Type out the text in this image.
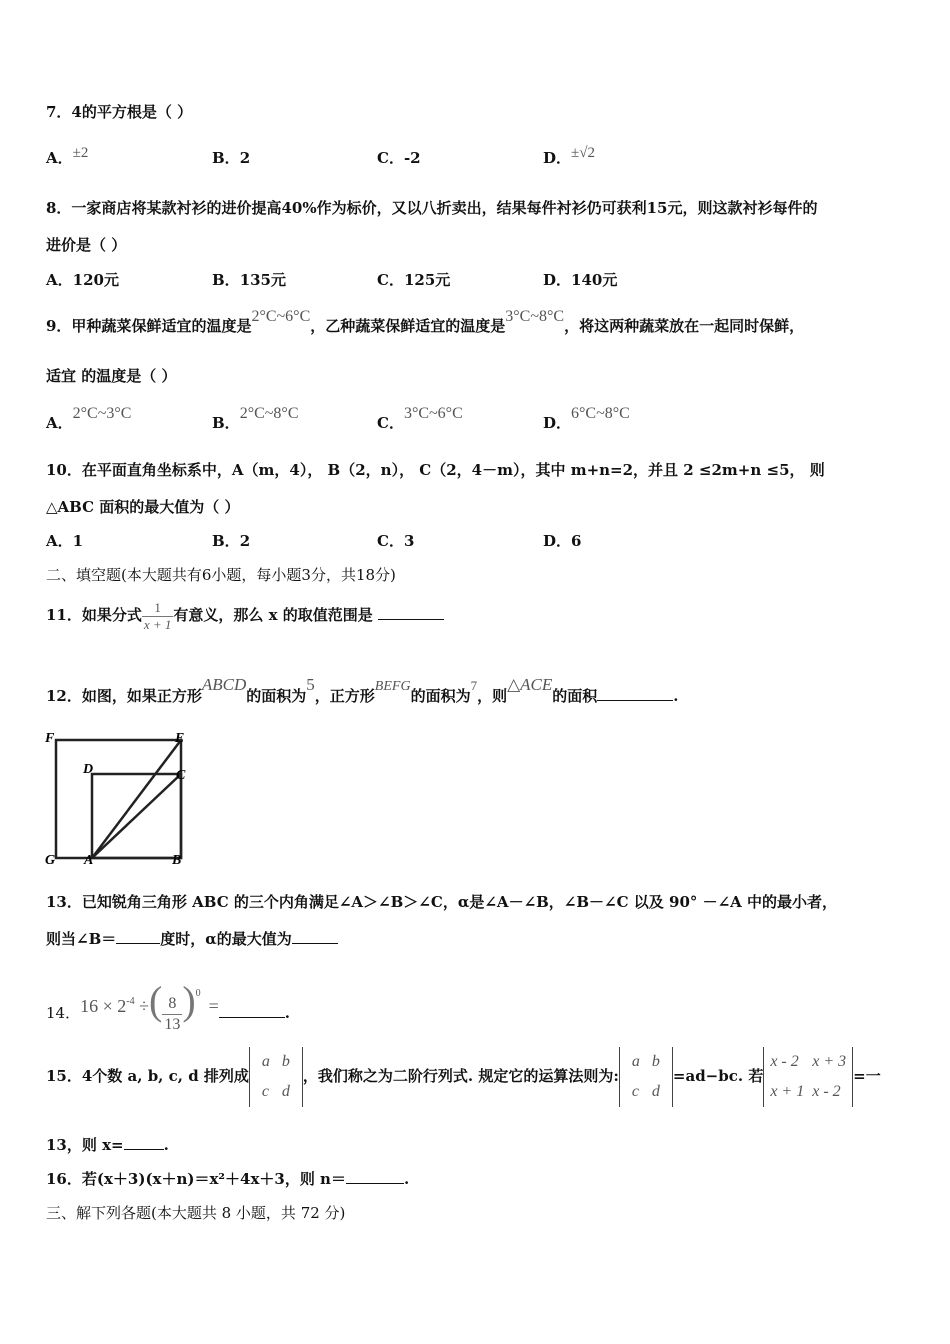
7．4的平方根是（ ）
A．±2	B．2	C．-2	D．±√2
8．一家商店将某款衬衫的进价提高40%作为标价，又以八折卖出，结果每件衬衫仍可获利15元，则这款衬衫每件的
进价是（ ）
A．120元	B．135元	C．125元	D．140元
9．甲种蔬菜保鲜适宜的温度是2°C~6°C，乙种蔬菜保鲜适宜的温度是3°C~8°C，将这两种蔬菜放在一起同时保鲜，
适宜 的温度是（ ）
A．2°C~3°C
B．2°C~8°C
C．3°C~6°C
D．6°C~8°C
10．在平面直角坐标系中，A（m，4）， B（2，n）， C（2，4－m），其中 m+n=2，并且 2 ≤2m+n ≤5， 则
△ABC 面积的最大值为（ ）
A．1	B．2	C．3	D．6
二、填空题(本大题共有6小题，每小题3分，共18分)
11．如果分式 $\frac{1}{x + 1}$ 有意义，那么 x 的取值范围是
12．如图，如果正方形ABCD的面积为5，正方形BEFG的面积为7，则△ACE的面积	.
F	E
D	C
G A	B
13．已知锐角三角形 ABC 的三个内角满足∠A＞∠B＞∠C，α是∠A－∠B，∠B－∠C 以及 90° －∠A 中的最小者，
则当∠B＝	度时，α的最大值为
14．$16 \times 2^{-4}$ ÷( $\frac{8}{13} )^0=$	.
15．4个数 a, b, c, d 排列成
a	b
c	d
，我们称之为二阶行列式. 规定它的运算法则为:
a	b
c	d
=ad−bc. 若
x - 2	x + 3
x + 1	x - 2
=一
13，则 x=	.
16．若(x＋3)(x＋n)＝x²＋4x＋3，则 n＝	.
三、解下列各题(本大题共 8 小题，共 72 分)
